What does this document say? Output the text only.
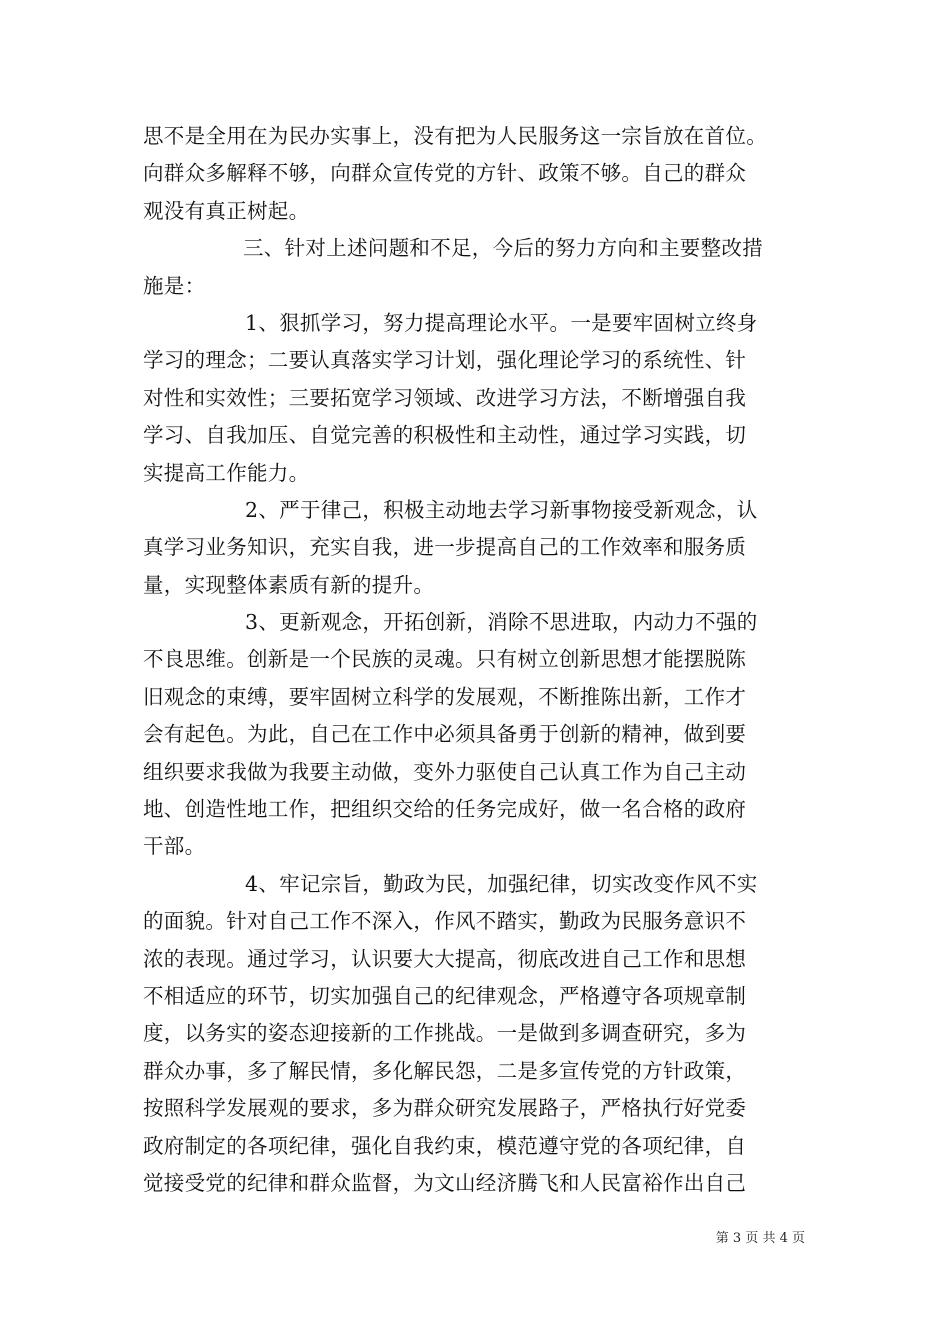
思不是全用在为民办实事上，没有把为人民服务这一宗旨放在首位。
向群众多解释不够，向群众宣传党的方针、政策不够。自己的群众
观没有真正树起。
三、针对上述问题和不足，今后的努力方向和主要整改措
施是：
1、狠抓学习，努力提高理论水平。一是要牢固树立终身
学习的理念；二要认真落实学习计划，强化理论学习的系统性、针
对性和实效性；三要拓宽学习领域、改进学习方法，不断增强自我
学习、自我加压、自觉完善的积极性和主动性，通过学习实践，切
实提高工作能力。
2、严于律己，积极主动地去学习新事物接受新观念，认
真学习业务知识，充实自我，进一步提高自己的工作效率和服务质
量，实现整体素质有新的提升。
3、更新观念，开拓创新，消除不思进取，内动力不强的
不良思维。创新是一个民族的灵魂。只有树立创新思想才能摆脱陈
旧观念的束缚，要牢固树立科学的发展观，不断推陈出新，工作才
会有起色。为此，自己在工作中必须具备勇于创新的精神，做到要
组织要求我做为我要主动做，变外力驱使自己认真工作为自己主动
地、创造性地工作，把组织交给的任务完成好，做一名合格的政府
干部。
4、牢记宗旨，勤政为民，加强纪律，切实改变作风不实
的面貌。针对自己工作不深入，作风不踏实，勤政为民服务意识不
浓的表现。通过学习，认识要大大提高，彻底改进自己工作和思想
不相适应的环节，切实加强自己的纪律观念，严格遵守各项规章制
度，以务实的姿态迎接新的工作挑战。一是做到多调查研究，多为
群众办事，多了解民情，多化解民怨，二是多宣传党的方针政策，
按照科学发展观的要求，多为群众研究发展路子，严格执行好党委
政府制定的各项纪律，强化自我约束，模范遵守党的各项纪律，自
觉接受党的纪律和群众监督，为文山经济腾飞和人民富裕作出自己
第 3 页 共 4 页
